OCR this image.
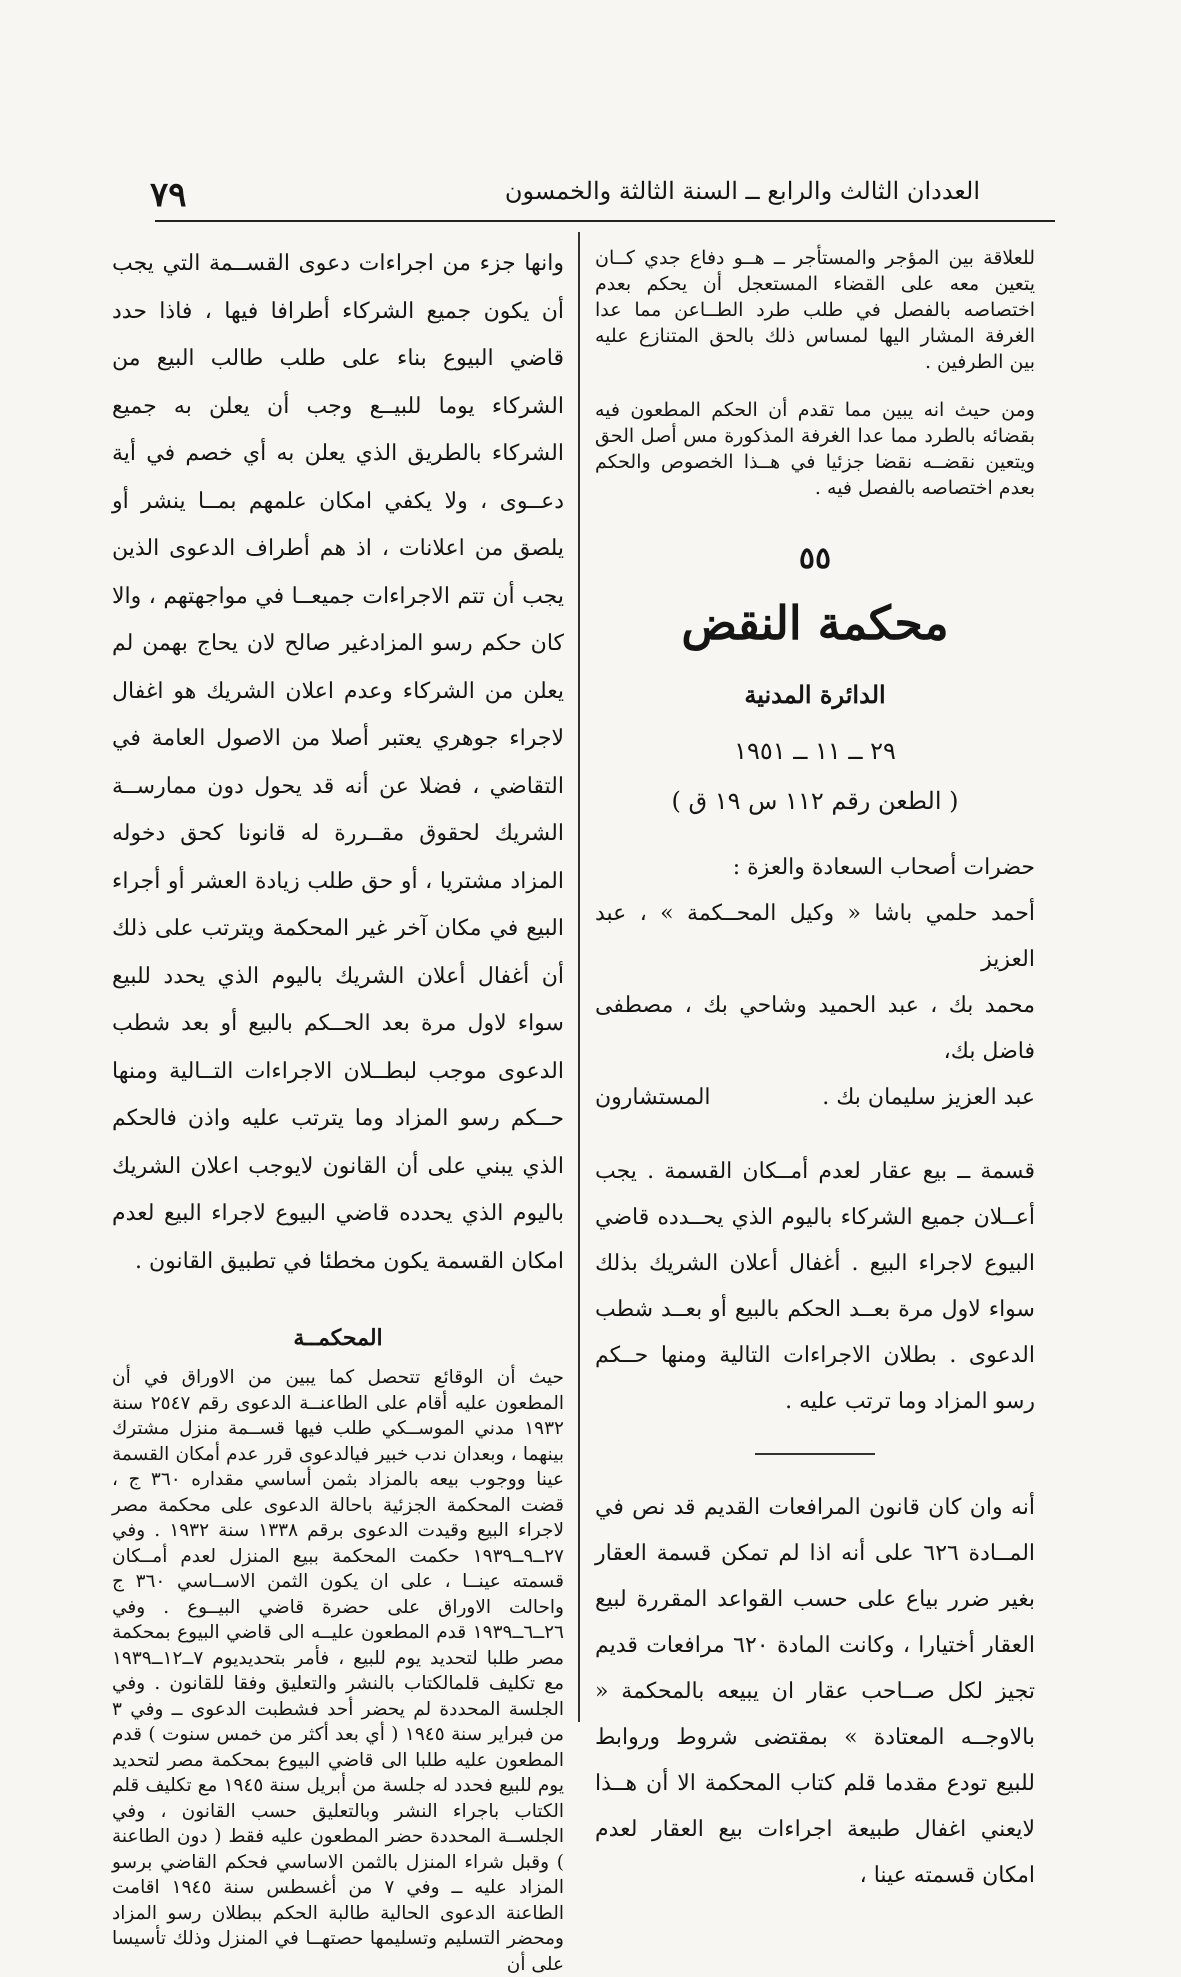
العددان الثالث والرابع ــ السنة الثالثة والخمسون
٧٩

للعلاقة بين المؤجر والمستأجر ــ هــو دفاع جدي كــان يتعين معه على القضاء المستعجل أن يحكم بعدم اختصاصه بالفصل في طلب طرد الطــاعن مما عدا الغرفة المشار اليها لمساس ذلك بالحق المتنازع عليه بين الطرفين .

ومن حيث انه يبين مما تقدم أن الحكم المطعون فيه بقضائه بالطرد مما عدا الغرفة المذكورة مس أصل الحق ويتعين نقضــه نقضا جزئيا في هــذا الخصوص والحكم بعدم اختصاصه بالفصل فيه .

٥٥
محكمة النقض
الدائرة المدنية
٢٩ ــ ١١ ــ ١٩٥١
( الطعن رقم ١١٢ س ١٩ ق )
حضرات أصحاب السعادة والعزة :
أحمد حلمي باشا « وكيل المحــكمة » ، عبد العزيز
محمد بك ، عبد الحميد وشاحي بك ، مصطفى فاضل بك،
عبد العزيز سليمان بك .
المستشارون

قسمة ــ بيع عقار لعدم أمــكان القسمة . يجب أعــلان جميع الشركاء باليوم الذي يحــدده قاضي البيوع لاجراء البيع . أغفال أعلان الشريك بذلك سواء لاول مرة بعــد الحكم بالبيع أو بعــد شطب الدعوى . بطلان الاجراءات التالية ومنها حــكم رسو المزاد وما ترتب عليه .

أنه وان كان قانون المرافعات القديم قد نص في المــادة ٦٢٦ على أنه اذا لم تمكن قسمة العقار بغير ضرر بياع على حسب القواعد المقررة لبيع العقار أختيارا ، وكانت المادة ٦٢٠ مرافعات قديم تجيز لكل صــاحب عقار ان يبيعه بالمحكمة « بالاوجــه المعتادة » بمقتضى شروط وروابط للبيع تودع مقدما قلم كتاب المحكمة الا أن هــذا لايعني اغفال طبيعة اجراءات بيع العقار لعدم امكان قسمته عينا ،

وانها جزء من اجراءات دعوى القســمة التي يجب أن يكون جميع الشركاء أطرافا فيها ، فاذا حدد قاضي البيوع بناء على طلب طالب البيع من الشركاء يوما للبيــع وجب أن يعلن به جميع الشركاء بالطريق الذي يعلن به أي خصم في أية دعــوى ، ولا يكفي امكان علمهم بمــا ينشر أو يلصق من اعلانات ، اذ هم أطراف الدعوى الذين يجب أن تتم الاجراءات جميعــا في مواجهتهم ، والا كان حكم رسو المزادغير صالح لان يحاج بهمن لم يعلن من الشركاء وعدم اعلان الشريك هو اغفال لاجراء جوهري يعتبر أصلا من الاصول العامة في التقاضي ، فضلا عن أنه قد يحول دون ممارســة الشريك لحقوق مقــررة له قانونا كحق دخوله المزاد مشتريا ، أو حق طلب زيادة العشر أو أجراء البيع في مكان آخر غير المحكمة ويترتب على ذلك أن أغفال أعلان الشريك باليوم الذي يحدد للبيع سواء لاول مرة بعد الحــكم بالبيع أو بعد شطب الدعوى موجب لبطــلان الاجراءات التــالية ومنها حــكم رسو المزاد وما يترتب عليه واذن فالحكم الذي يبني على أن القانون لايوجب اعلان الشريك باليوم الذي يحدده قاضي البيوع لاجراء البيع لعدم امكان القسمة يكون مخطئا في تطبيق القانون .

المحكمــة

حيث أن الوقائع تتحصل كما يبين من الاوراق في أن المطعون عليه أقام على الطاعنــة الدعوى رقم ٢٥٤٧ سنة ١٩٣٢ مدني الموســكي طلب فيها قســمة منزل مشترك بينهما ، وبعدان ندب خبير فيالدعوى قرر عدم أمكان القسمة عينا ووجوب بيعه بالمزاد بثمن أساسي مقداره ٣٦٠ ج ، قضت المحكمة الجزئية باحالة الدعوى على محكمة مصر لاجراء البيع وقيدت الدعوى برقم ١٣٣٨ سنة ١٩٣٢ . وفي ٢٧ــ٩ــ١٩٣٩ حكمت المحكمة ببيع المنزل لعدم أمــكان قسمته عينــا ، على ان يكون الثمن الاســاسي ٣٦٠ ج واحالت الاوراق على حضرة قاضي البيــوع . وفي ٢٦ــ٦ــ١٩٣٩ قدم المطعون عليــه الى قاضي البيوع بمحكمة مصر طلبا لتحديد يوم للبيع ، فأمر بتحديديوم ٧ــ١٢ــ١٩٣٩ مع تكليف قلمالكتاب بالنشر والتعليق وفقا للقانون . وفي الجلسة المحددة لم يحضر أحد فشطبت الدعوى ــ وفي ٣ من فبراير سنة ١٩٤٥ ( أي بعد أكثر من خمس سنوت ) قدم المطعون عليه طلبا الى قاضي البيوع بمحكمة مصر لتحديد يوم للبيع فحدد له جلسة من أبريل سنة ١٩٤٥ مع تكليف قلم الكتاب باجراء النشر وبالتعليق حسب القانون ، وفي الجلســة المحددة حضر المطعون عليه فقط ( دون الطاعنة ) وقبل شراء المنزل بالثمن الاساسي فحكم القاضي برسو المزاد عليه ــ وفي ٧ من أغسطس سنة ١٩٤٥ اقامت الطاعنة الدعوى الحالية طالبة الحكم ببطلان رسو المزاد ومحضر التسليم وتسليمها حصتهــا في المنزل وذلك تأسيسا على أن
